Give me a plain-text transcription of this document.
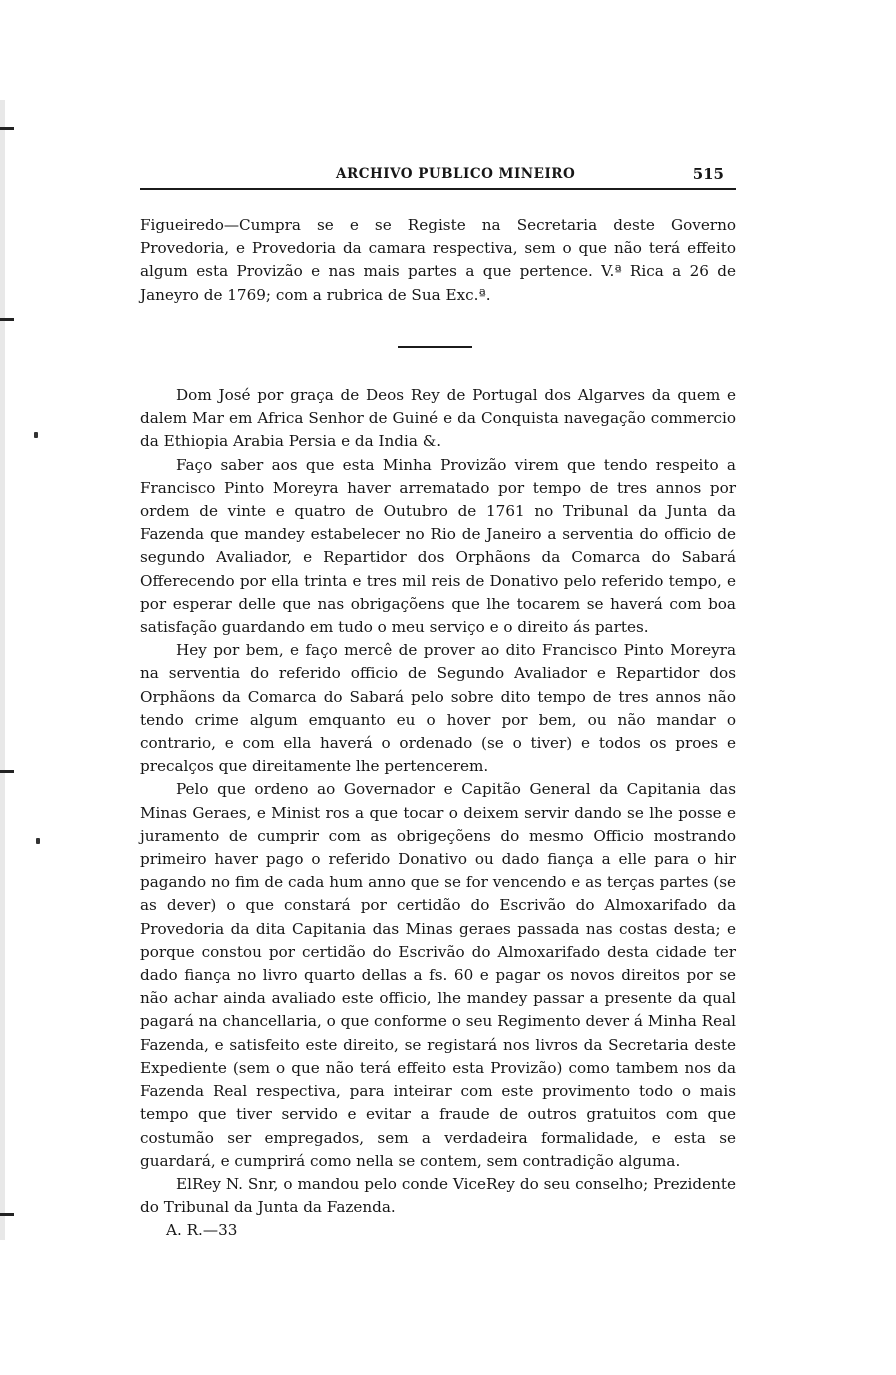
ARCHIVO PUBLICO MINEIRO	515

Figueiredo—Cumpra se e se Registe na Secretaria deste Governo Provedoria, e Provedoria da camara respectiva, sem o que não terá effeito algum esta Provizão e nas mais partes a que pertence. V.ª Rica a 26 de Janeyro de 1769; com a rubrica de Sua Exc.ª.

Dom José por graça de Deos Rey de Portugal dos Algarves da quem e dalem Mar em Africa Senhor de Guiné e da Conquista navegação commercio da Ethiopia Arabia Persia e da India &.

Faço saber aos que esta Minha Provizão virem que tendo respeito a Francisco Pinto Moreyra haver arrematado por tempo de tres annos por ordem de vinte e quatro de Outubro de 1761 no Tribunal da Junta da Fazenda que mandey estabelecer no Rio de Janeiro a serventia do officio de segundo Avaliador, e Repartidor dos Orphãons da Comarca do Sabará Offerecendo por ella trinta e tres mil reis de Donativo pelo referido tempo, e por esperar delle que nas obrigaçõens que lhe tocarem se haverá com boa satisfação guardando em tudo o meu serviço e o direito ás partes.

Hey por bem, e faço mercê de prover ao dito Francisco Pinto Moreyra na serventia do referido officio de Segundo Avaliador e Repartidor dos Orphãons da Comarca do Sabará pelo sobre dito tempo de tres annos não tendo crime algum emquanto eu o hover por bem, ou não mandar o contrario, e com ella haverá o ordenado (se o tiver) e todos os proes e precalços que direitamente lhe pertencerem.

Pelo que ordeno ao Governador e Capitão General da Capitania das Minas Geraes, e Minist ros a que tocar o deixem servir dando se lhe posse e juramento de cumprir com as obrigeçõens do mesmo Officio mostrando primeiro haver pago o referido Donativo ou dado fiança a elle para o hir pagando no fim de cada hum anno que se for vencendo e as terças partes (se as dever) o que constará por certidão do Escrivão do Almoxarifado da Provedoria da dita Capitania das Minas geraes passada nas costas desta; e porque constou por certidão do Escrivão do Almoxarifado desta cidade ter dado fiança no livro quarto dellas a fs. 60 e pagar os novos direitos por se não achar ainda avaliado este officio, lhe mandey passar a presente da qual pagará na chancellaria, o que conforme o seu Regimento dever á Minha Real Fazenda, e satisfeito este direito, se registará nos livros da Secretaria deste Expediente (sem o que não terá effeito esta Provizão) como tambem nos da Fazenda Real respectiva, para inteirar com este provimento todo o mais tempo que tiver servido e evitar a fraude de outros gratuitos com que costumão ser empregados, sem a verdadeira formalidade, e esta se guardará, e cumprirá como nella se contem, sem contradição alguma.

ElRey N. Snr, o mandou pelo conde ViceRey do seu conselho; Prezidente do Tribunal da Junta da Fazenda.

A. R.—33
